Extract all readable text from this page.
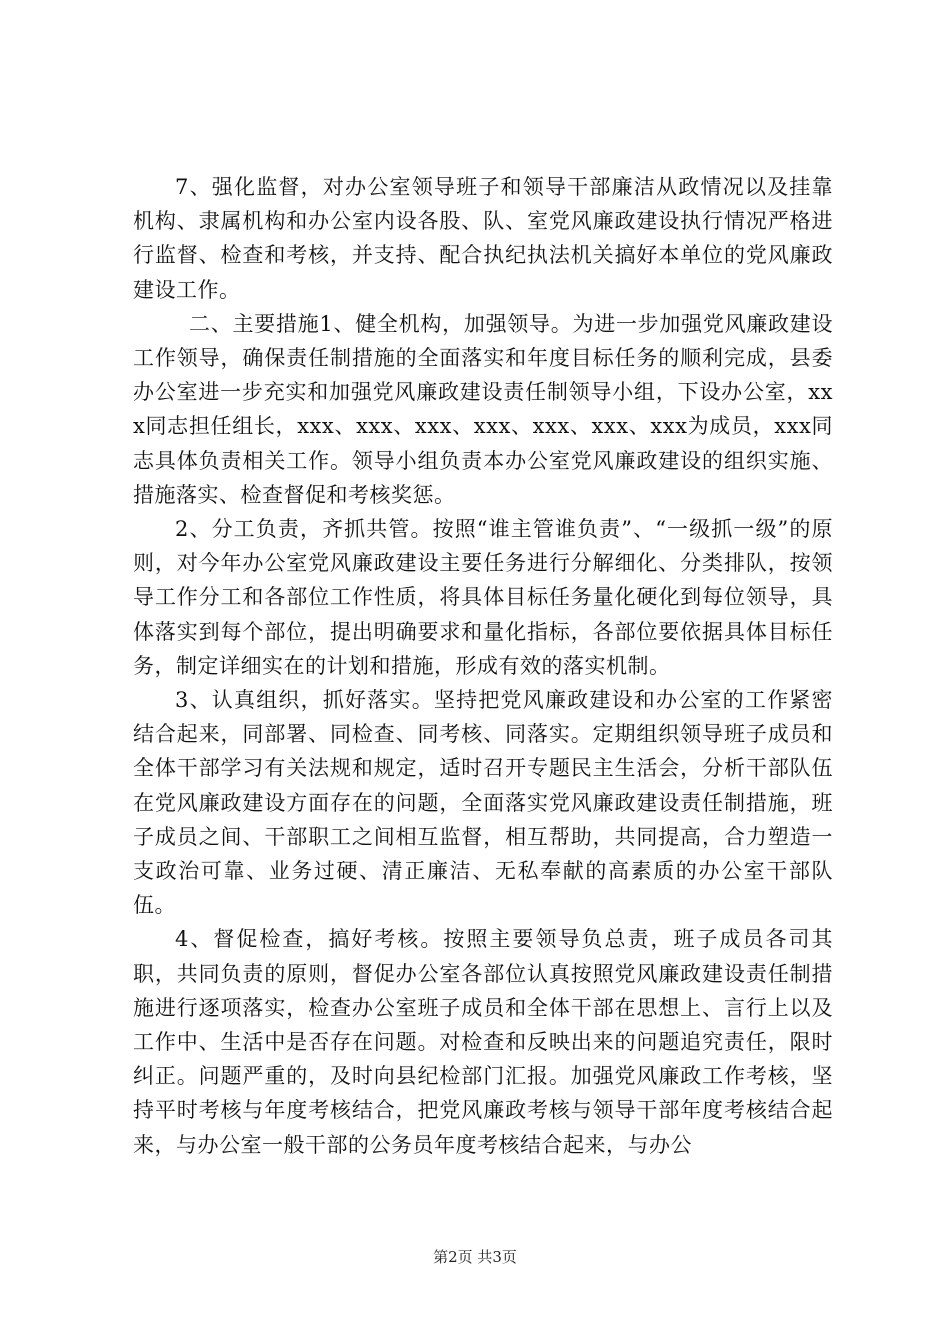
7、强化监督，对办公室领导班子和领导干部廉洁从政情况以及挂靠机构、隶属机构和办公室内设各股、队、室党风廉政建设执行情况严格进行监督、检查和考核，并支持、配合执纪执法机关搞好本单位的党风廉政建设工作。

二、主要措施1、健全机构，加强领导。为进一步加强党风廉政建设工作领导，确保责任制措施的全面落实和年度目标任务的顺利完成，县委办公室进一步充实和加强党风廉政建设责任制领导小组，下设办公室，xxx同志担任组长，xxx、xxx、xxx、xxx、xxx、xxx、xxx为成员，xxx同志具体负责相关工作。领导小组负责本办公室党风廉政建设的组织实施、措施落实、检查督促和考核奖惩。

2、分工负责，齐抓共管。按照“谁主管谁负责”、“一级抓一级”的原则，对今年办公室党风廉政建设主要任务进行分解细化、分类排队，按领导工作分工和各部位工作性质，将具体目标任务量化硬化到每位领导，具体落实到每个部位，提出明确要求和量化指标，各部位要依据具体目标任务，制定详细实在的计划和措施，形成有效的落实机制。

3、认真组织，抓好落实。坚持把党风廉政建设和办公室的工作紧密结合起来，同部署、同检查、同考核、同落实。定期组织领导班子成员和全体干部学习有关法规和规定，适时召开专题民主生活会，分析干部队伍在党风廉政建设方面存在的问题，全面落实党风廉政建设责任制措施，班子成员之间、干部职工之间相互监督，相互帮助，共同提高，合力塑造一支政治可靠、业务过硬、清正廉洁、无私奉献的高素质的办公室干部队伍。

4、督促检查，搞好考核。按照主要领导负总责，班子成员各司其职，共同负责的原则，督促办公室各部位认真按照党风廉政建设责任制措施进行逐项落实，检查办公室班子成员和全体干部在思想上、言行上以及工作中、生活中是否存在问题。对检查和反映出来的问题追究责任，限时纠正。问题严重的，及时向县纪检部门汇报。加强党风廉政工作考核，坚持平时考核与年度考核结合，把党风廉政考核与领导干部年度考核结合起来，与办公室一般干部的公务员年度考核结合起来，与办公

第2页 共3页
